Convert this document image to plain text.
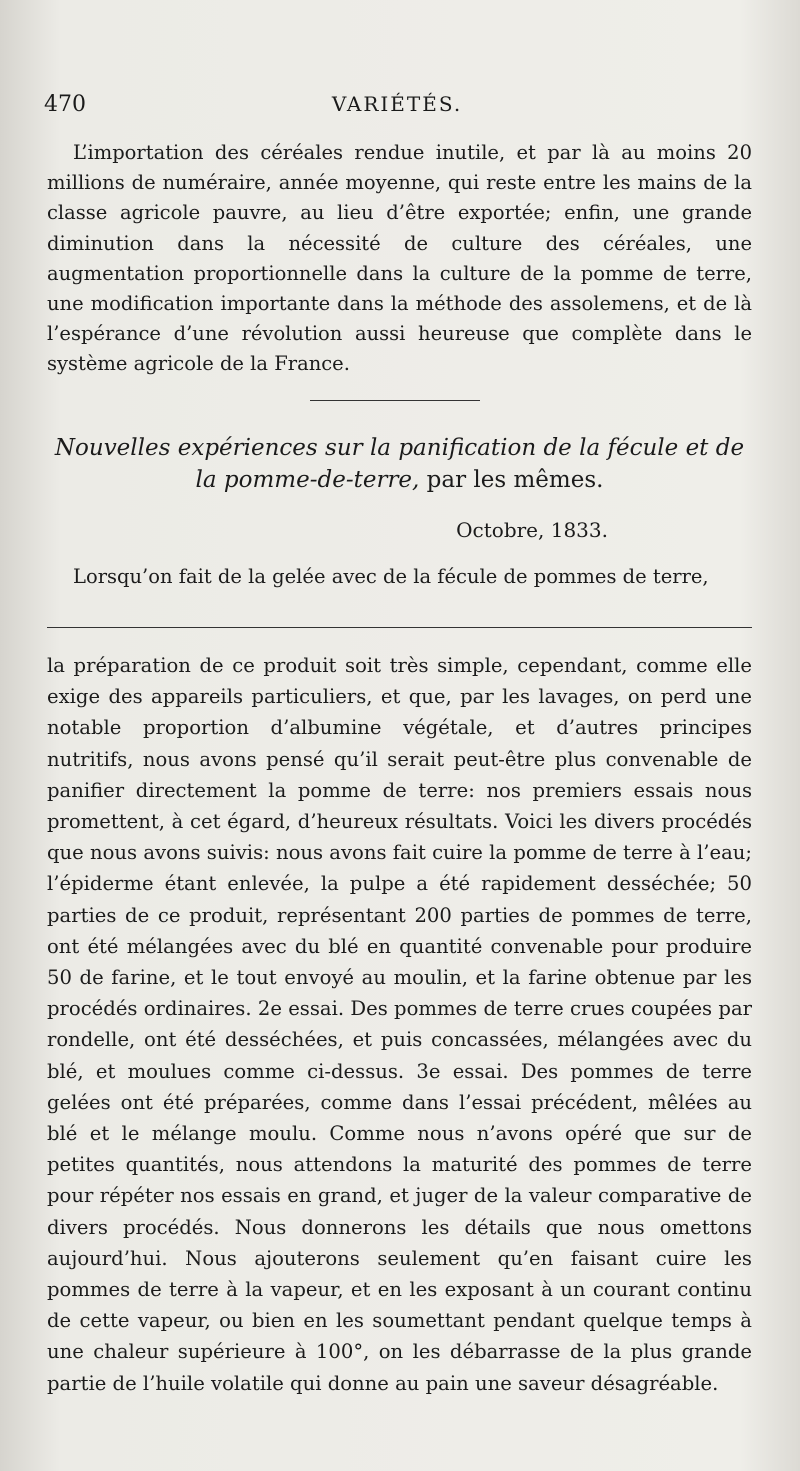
470	VARIÉTÉS.
L’importation des céréales rendue inutile, et par là au moins 20 millions de numéraire, année moyenne, qui reste entre les mains de la classe agricole pauvre, au lieu d’être exportée; enfin, une grande diminution dans la nécessité de culture des céréales, une augmentation proportionnelle dans la culture de la pomme de terre, une modification importante dans la méthode des assolemens, et de là l’espérance d’une révolution aussi heureuse que complète dans le système agricole de la France.
Nouvelles expériences sur la panification de la fécule et de la pomme-de-terre, par les mêmes.
Octobre, 1833.
Lorsqu’on fait de la gelée avec de la fécule de pommes de terre,
la préparation de ce produit soit très simple, cependant, comme elle exige des appareils particuliers, et que, par les lavages, on perd une notable proportion d’albumine végétale, et d’autres principes nutritifs, nous avons pensé qu’il serait peut-être plus convenable de panifier directement la pomme de terre: nos premiers essais nous promettent, à cet égard, d’heureux résultats. Voici les divers procédés que nous avons suivis: nous avons fait cuire la pomme de terre à l’eau; l’épiderme étant enlevée, la pulpe a été rapidement desséchée; 50 parties de ce produit, représentant 200 parties de pommes de terre, ont été mélangées avec du blé en quantité convenable pour produire 50 de farine, et le tout envoyé au moulin, et la farine obtenue par les procédés ordinaires. 2e essai. Des pommes de terre crues coupées par rondelle, ont été desséchées, et puis concassées, mélangées avec du blé, et moulues comme ci-dessus. 3e essai. Des pommes de terre gelées ont été préparées, comme dans l’essai précédent, mêlées au blé et le mélange moulu. Comme nous n’avons opéré que sur de petites quantités, nous attendons la maturité des pommes de terre pour répéter nos essais en grand, et juger de la valeur comparative de divers procédés. Nous donnerons les détails que nous omettons aujourd’hui. Nous ajouterons seulement qu’en faisant cuire les pommes de terre à la vapeur, et en les exposant à un courant continu de cette vapeur, ou bien en les soumettant pendant quelque temps à une chaleur supérieure à 100°, on les débarrasse de la plus grande partie de l’huile volatile qui donne au pain une saveur désagréable.
